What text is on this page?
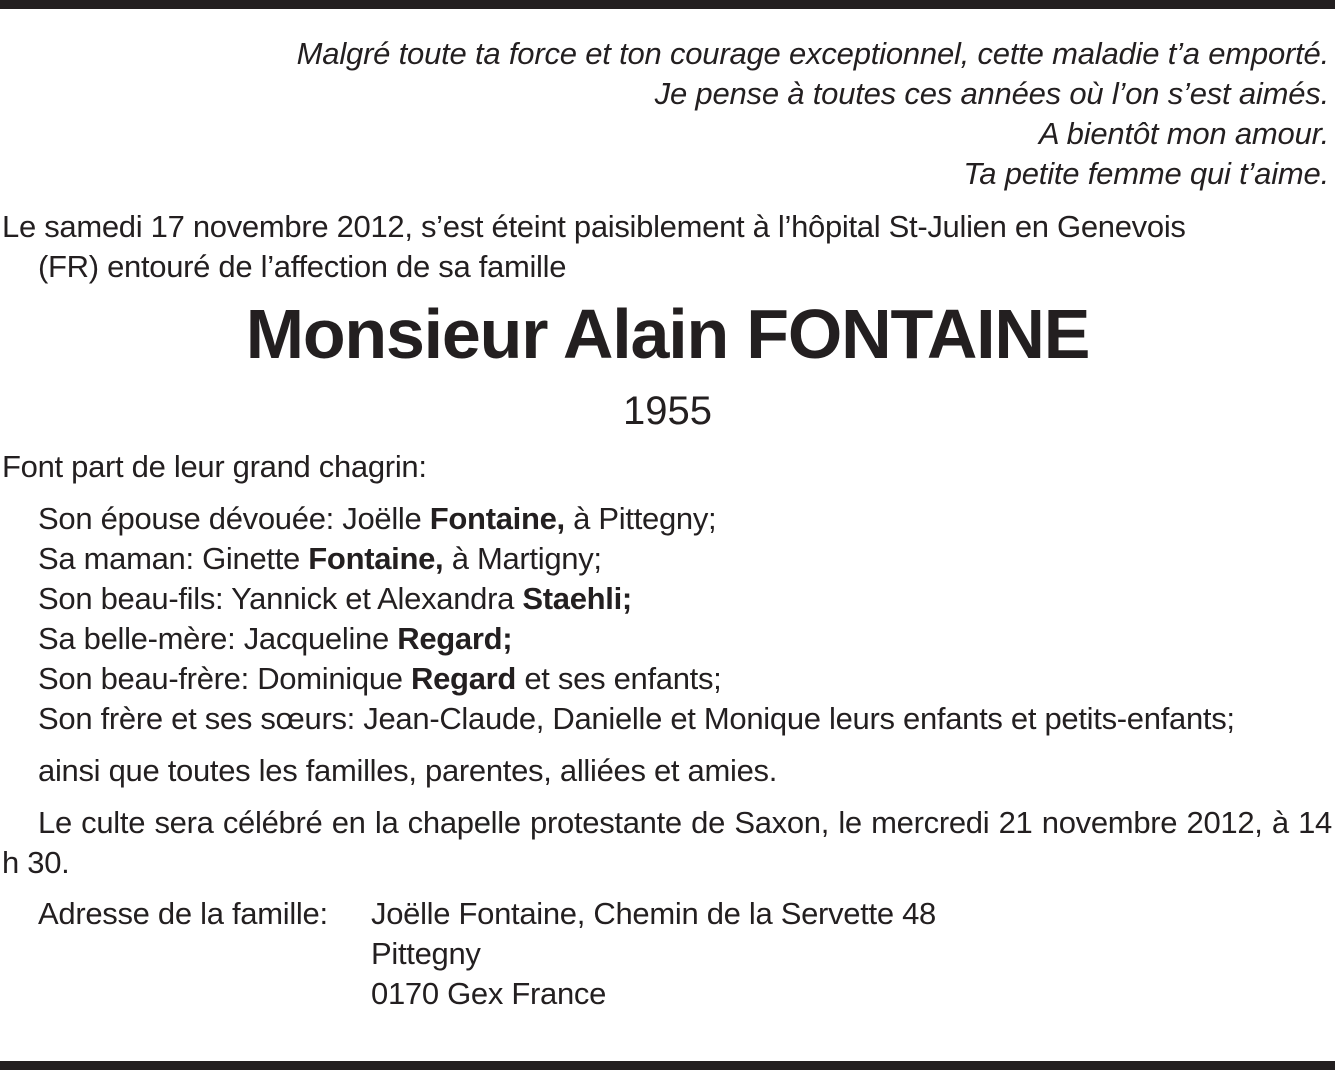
Malgré toute ta force et ton courage exceptionnel, cette maladie t’a emporté.
Je pense à toutes ces années où l’on s’est aimés.
A bientôt mon amour.
Ta petite femme qui t’aime.
Le samedi 17 novembre 2012, s’est éteint paisiblement à l’hôpital St-Julien en Genevois
(FR) entouré de l’affection de sa famille
Monsieur Alain FONTAINE
1955
Font part de leur grand chagrin:
Son épouse dévouée: Joëlle Fontaine, à Pittegny;
Sa maman: Ginette Fontaine, à Martigny;
Son beau-fils: Yannick et Alexandra Staehli;
Sa belle-mère: Jacqueline Regard;
Son beau-frère: Dominique Regard et ses enfants;
Son frère et ses sœurs: Jean-Claude, Danielle et Monique leurs enfants et petits-enfants;
ainsi que toutes les familles, parentes, alliées et amies.
Le culte sera célébré en la chapelle protestante de Saxon, le mercredi 21 novembre 2012, à 14 h 30.
Adresse de la famille:	Joëlle Fontaine, Chemin de la Servette 48
Pittegny
0170 Gex France
